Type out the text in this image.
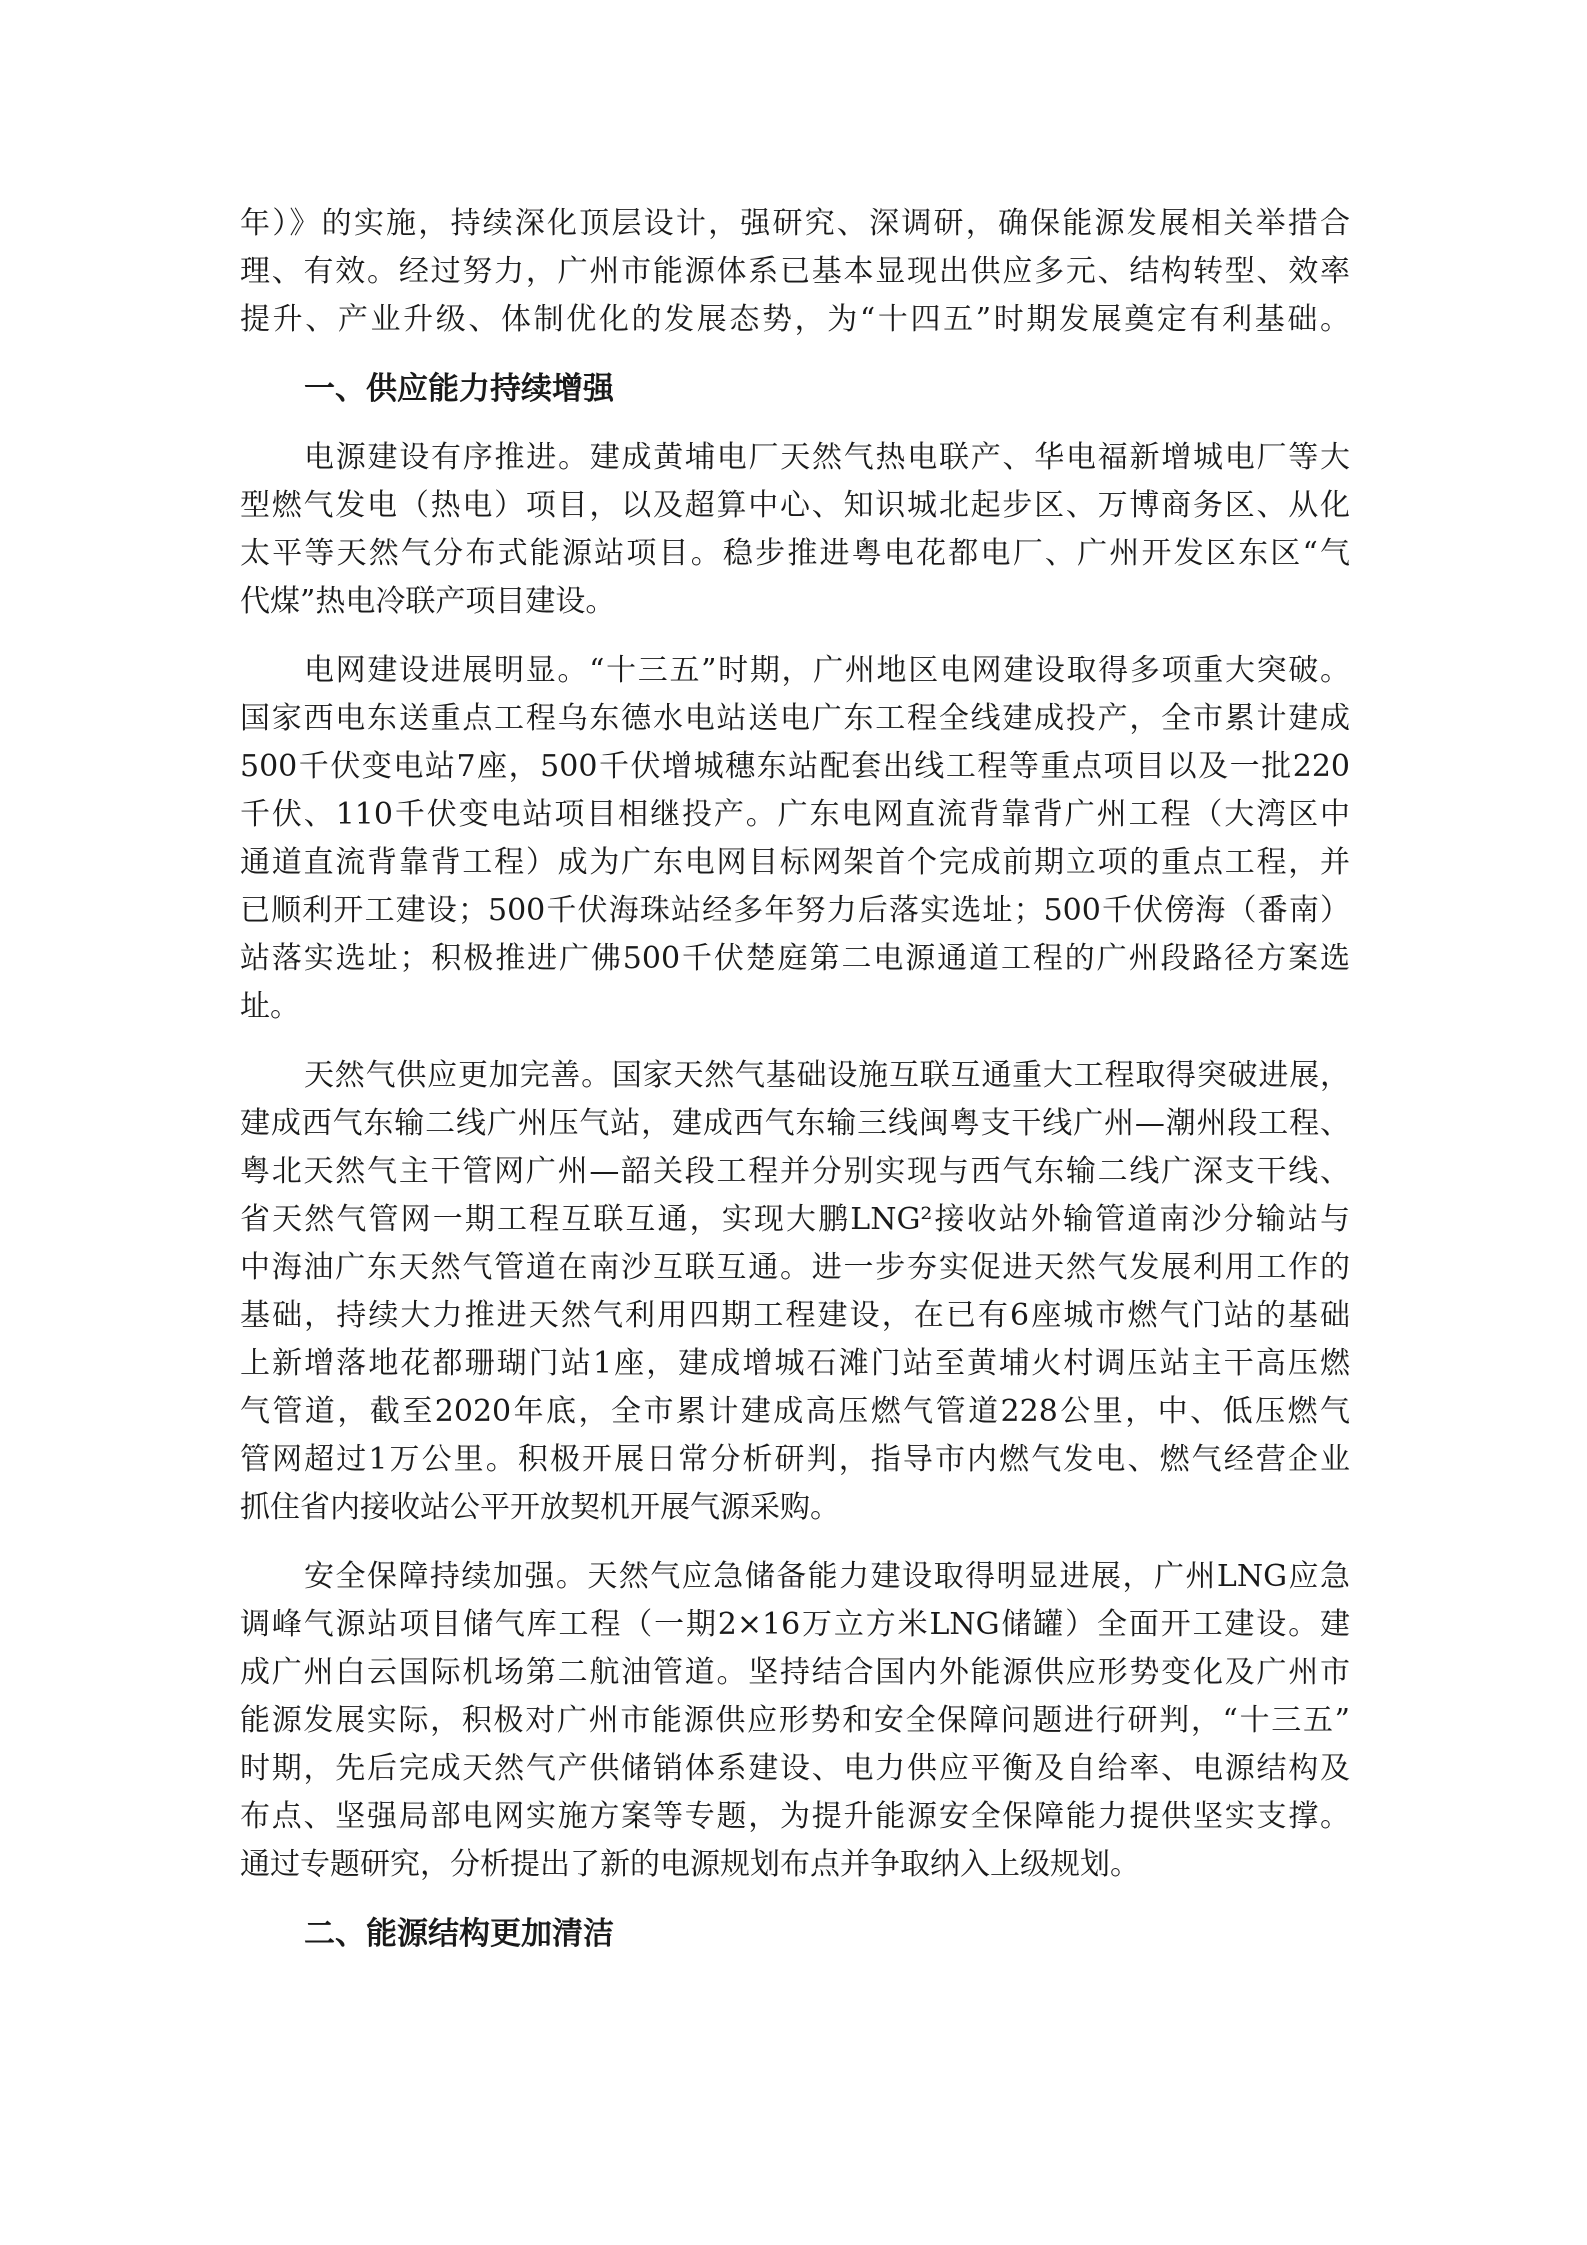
年）》的实施，持续深化顶层设计，强研究、深调研，确保能源发展相关举措合
理、有效。经过努力，广州市能源体系已基本显现出供应多元、结构转型、效率
提升、产业升级、体制优化的发展态势，为“十四五”时期发展奠定有利基础。
一、供应能力持续增强
电源建设有序推进。建成黄埔电厂天然气热电联产、华电福新增城电厂等大
型燃气发电（热电）项目，以及超算中心、知识城北起步区、万博商务区、从化
太平等天然气分布式能源站项目。稳步推进粤电花都电厂、广州开发区东区“气
代煤”热电冷联产项目建设。
电网建设进展明显。“十三五”时期，广州地区电网建设取得多项重大突破。
国家西电东送重点工程乌东德水电站送电广东工程全线建成投产，全市累计建成
500千伏变电站7座，500千伏增城穗东站配套出线工程等重点项目以及一批220
千伏、110千伏变电站项目相继投产。广东电网直流背靠背广州工程（大湾区中
通道直流背靠背工程）成为广东电网目标网架首个完成前期立项的重点工程，并
已顺利开工建设；500千伏海珠站经多年努力后落实选址；500千伏傍海（番南）
站落实选址；积极推进广佛500千伏楚庭第二电源通道工程的广州段路径方案选
址。
天然气供应更加完善。国家天然气基础设施互联互通重大工程取得突破进展，
建成西气东输二线广州压气站，建成西气东输三线闽粤支干线广州—潮州段工程、
粤北天然气主干管网广州—韶关段工程并分别实现与西气东输二线广深支干线、
省天然气管网一期工程互联互通，实现大鹏LNG²接收站外输管道南沙分输站与
中海油广东天然气管道在南沙互联互通。进一步夯实促进天然气发展利用工作的
基础，持续大力推进天然气利用四期工程建设，在已有6座城市燃气门站的基础
上新增落地花都珊瑚门站1座，建成增城石滩门站至黄埔火村调压站主干高压燃
气管道，截至2020年底，全市累计建成高压燃气管道228公里，中、低压燃气
管网超过1万公里。积极开展日常分析研判，指导市内燃气发电、燃气经营企业
抓住省内接收站公平开放契机开展气源采购。
安全保障持续加强。天然气应急储备能力建设取得明显进展，广州LNG应急
调峰气源站项目储气库工程（一期2×16万立方米LNG储罐）全面开工建设。建
成广州白云国际机场第二航油管道。坚持结合国内外能源供应形势变化及广州市
能源发展实际，积极对广州市能源供应形势和安全保障问题进行研判，“十三五”
时期，先后完成天然气产供储销体系建设、电力供应平衡及自给率、电源结构及
布点、坚强局部电网实施方案等专题，为提升能源安全保障能力提供坚实支撑。
通过专题研究，分析提出了新的电源规划布点并争取纳入上级规划。
二、能源结构更加清洁
